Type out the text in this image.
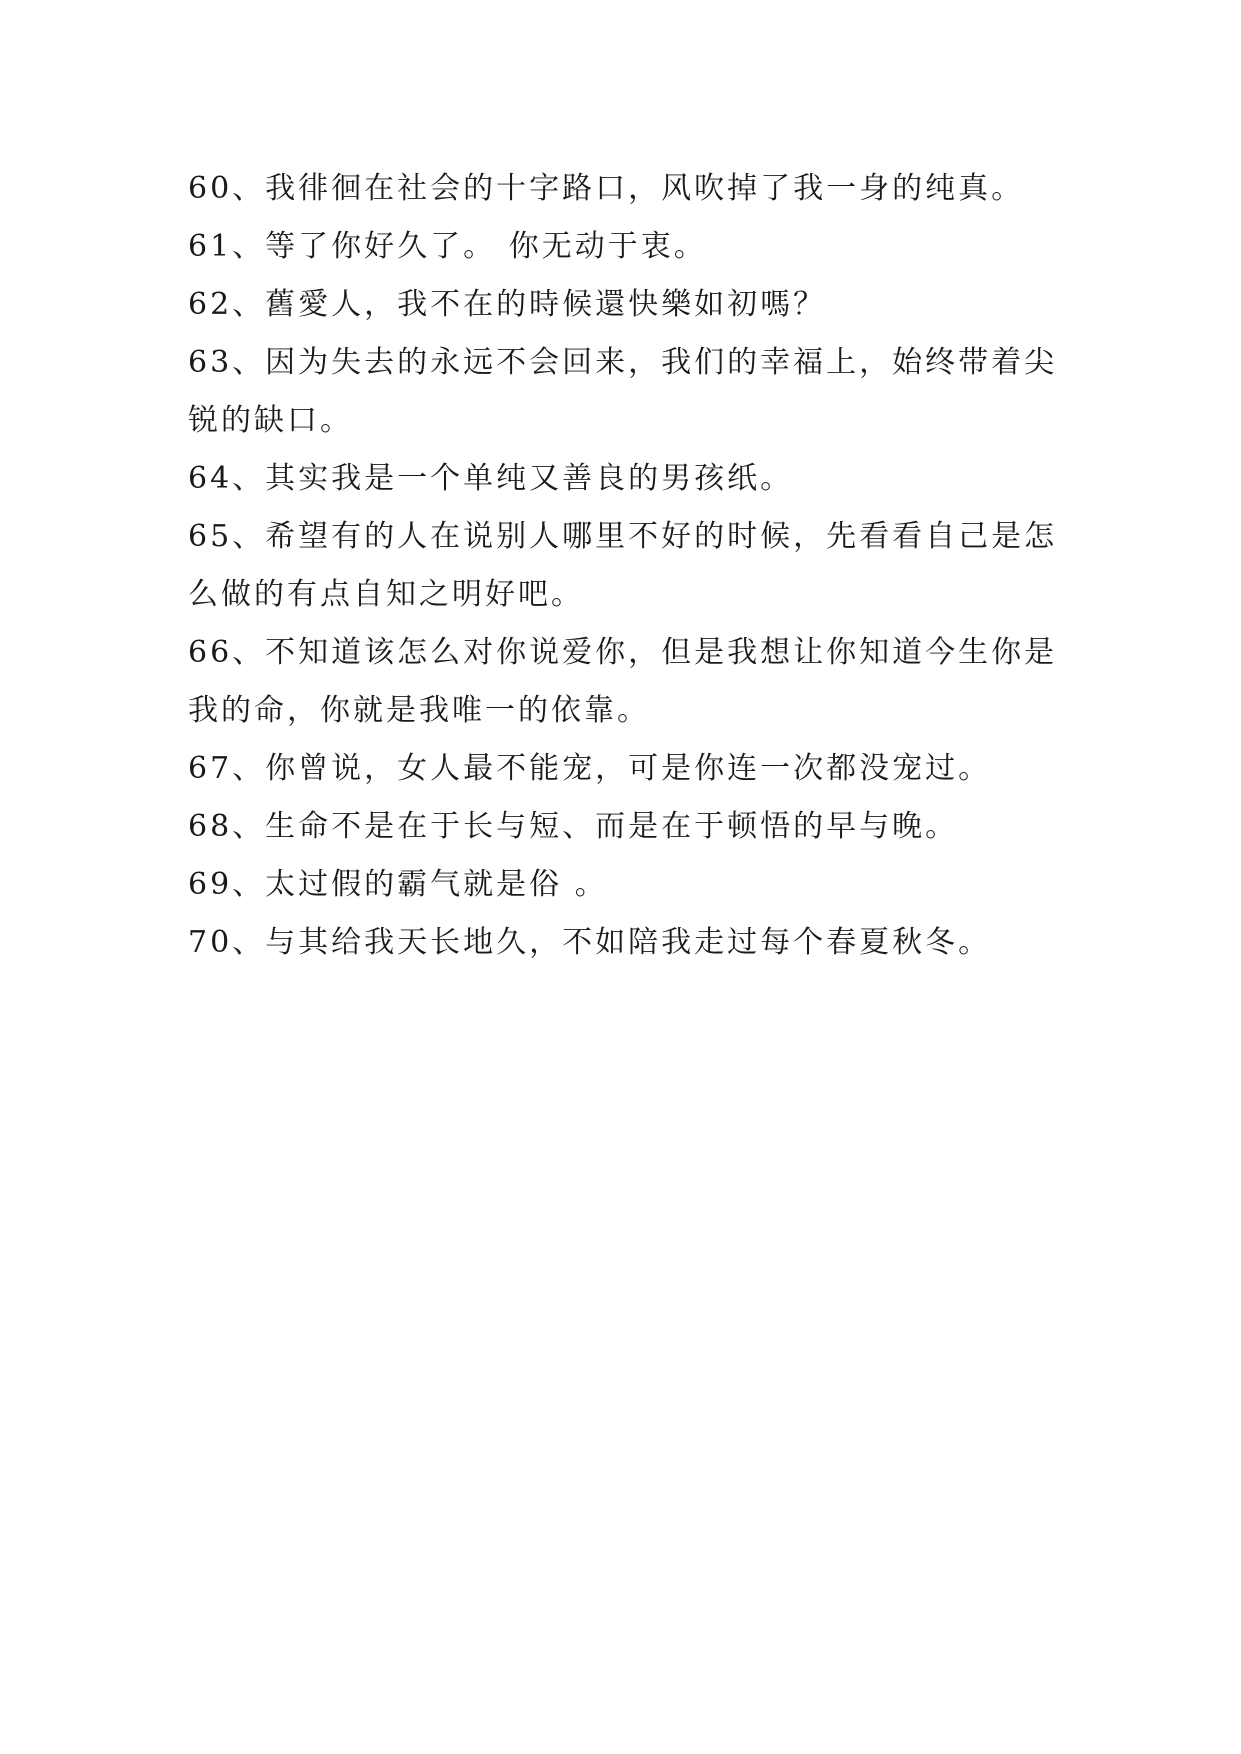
60、我徘徊在社会的十字路口，风吹掉了我一身的纯真。

61、等了你好久了。 你无动于衷。

62、舊愛人，我不在的時候還快樂如初嗎？

63、因为失去的永远不会回来，我们的幸福上，始终带着尖锐的缺口。

64、其实我是一个单纯又善良的男孩纸。

65、希望有的人在说别人哪里不好的时候，先看看自己是怎么做的有点自知之明好吧。

66、不知道该怎么对你说爱你，但是我想让你知道今生你是我的命，你就是我唯一的依靠。

67、你曾说，女人最不能宠，可是你连一次都没宠过。

68、生命不是在于长与短、而是在于顿悟的早与晚。

69、太过假的霸气就是俗 。

70、与其给我天长地久，不如陪我走过每个春夏秋冬。
